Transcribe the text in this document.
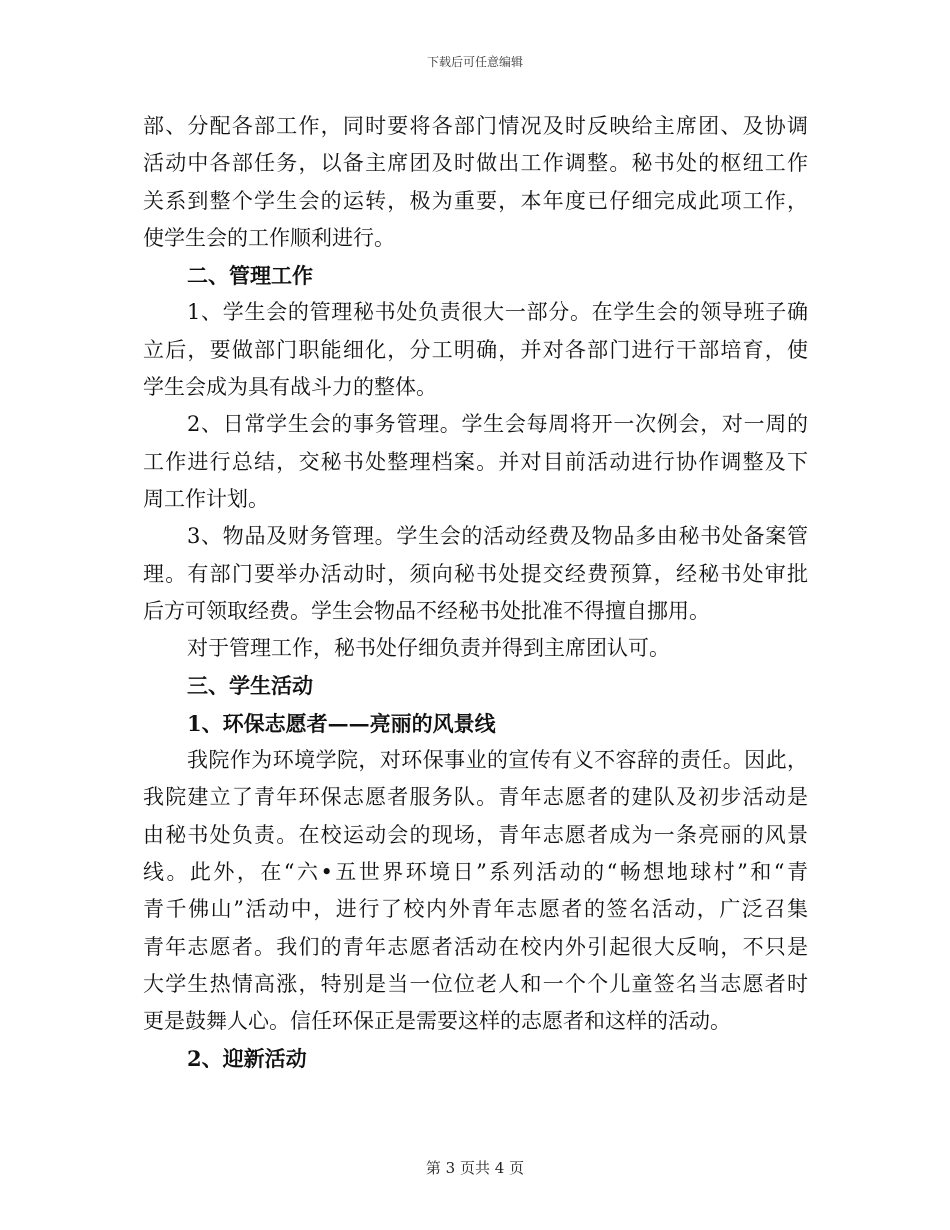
下载后可任意编辑
部、分配各部工作，同时要将各部门情况及时反映给主席团、及协调
活动中各部任务，以备主席团及时做出工作调整。秘书处的枢纽工作
关系到整个学生会的运转，极为重要，本年度已仔细完成此项工作，
使学生会的工作顺利进行。
二、管理工作
1、学生会的管理秘书处负责很大一部分。在学生会的领导班子确
立后，要做部门职能细化，分工明确，并对各部门进行干部培育，使
学生会成为具有战斗力的整体。
2、日常学生会的事务管理。学生会每周将开一次例会，对一周的
工作进行总结，交秘书处整理档案。并对目前活动进行协作调整及下
周工作计划。
3、物品及财务管理。学生会的活动经费及物品多由秘书处备案管
理。有部门要举办活动时，须向秘书处提交经费预算，经秘书处审批
后方可领取经费。学生会物品不经秘书处批准不得擅自挪用。
对于管理工作，秘书处仔细负责并得到主席团认可。
三、学生活动
1、环保志愿者——亮丽的风景线
我院作为环境学院，对环保事业的宣传有义不容辞的责任。因此，
我院建立了青年环保志愿者服务队。青年志愿者的建队及初步活动是
由秘书处负责。在校运动会的现场，青年志愿者成为一条亮丽的风景
线。此外，在“六•五世界环境日”系列活动的“畅想地球村”和“青
青千佛山”活动中，进行了校内外青年志愿者的签名活动，广泛召集
青年志愿者。我们的青年志愿者活动在校内外引起很大反响，不只是
大学生热情高涨，特别是当一位位老人和一个个儿童签名当志愿者时
更是鼓舞人心。信任环保正是需要这样的志愿者和这样的活动。
2、迎新活动
第 3 页共 4 页
